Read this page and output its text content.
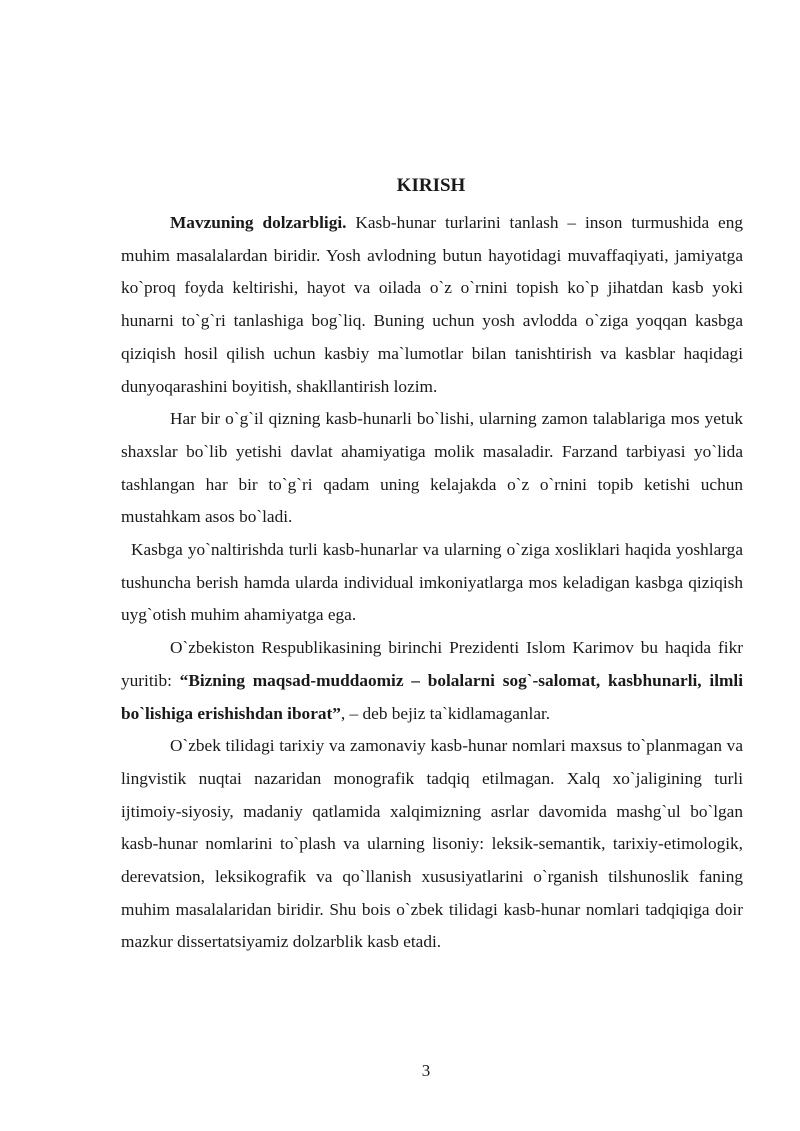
KIRISH

Mavzuning dolzarbligi. Kasb-hunar turlarini tanlash – inson turmushida eng muhim masalalardan biridir. Yosh avlodning butun hayotidagi muvaffaqiyati, jamiyatga ko`proq foyda keltirishi, hayot va oilada o`z o`rnini topish ko`p jihatdan kasb yoki hunarni to`g`ri tanlashiga bog`liq. Buning uchun yosh avlodda o`ziga yoqqan kasbga qiziqish hosil qilish uchun kasbiy ma`lumotlar bilan tanishtirish va kasblar haqidagi dunyoqarashini boyitish, shakllantirish lozim.

Har bir o`g`il qizning kasb-hunarli bo`lishi, ularning zamon talablariga mos yetuk shaxslar bo`lib yetishi davlat ahamiyatiga molik masaladir. Farzand tarbiyasi yo`lida tashlangan har bir to`g`ri qadam uning kelajakda o`z o`rnini topib ketishi uchun mustahkam asos bo`ladi.

Kasbga yo`naltirishda turli kasb-hunarlar va ularning o`ziga xosliklari haqida yoshlarga tushuncha berish hamda ularda individual imkoniyatlarga mos keladigan kasbga qiziqish uyg`otish muhim ahamiyatga ega.

O`zbekiston Respublikasining birinchi Prezidenti Islom Karimov bu haqida fikr yuritib: “Bizning maqsad-muddaomiz – bolalarni sog`-salomat, kasbhunarli, ilmli bo`lishiga erishishdan iborat”, – deb bejiz ta`kidlamaganlar.

O`zbek tilidagi tarixiy va zamonaviy kasb-hunar nomlari maxsus to`planmagan va lingvistik nuqtai nazaridan monografik tadqiq etilmagan. Xalq xo`jaligining turli ijtimoiy-siyosiy, madaniy qatlamida xalqimizning asrlar davomida mashg`ul bo`lgan kasb-hunar nomlarini to`plash va ularning lisoniy: leksik-semantik, tarixiy-etimologik, derevatsion, leksikografik va qo`llanish xususiyatlarini o`rganish tilshunoslik faning muhim masalalaridan biridir. Shu bois o`zbek tilidagi kasb-hunar nomlari tadqiqiga doir mazkur dissertatsiyamiz dolzarblik kasb etadi.

3
